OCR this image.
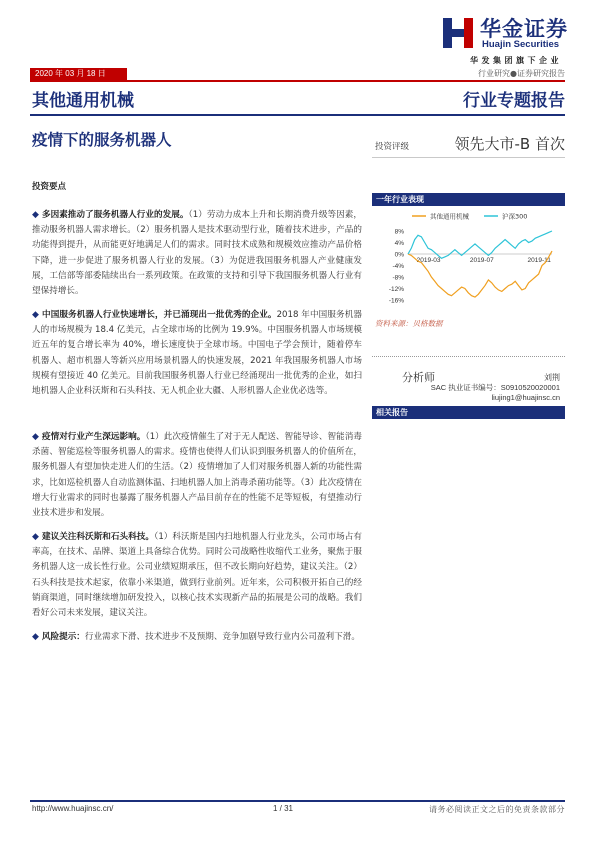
华金证券
Huajin Securities
华发集团旗下企业
2020 年 03 月 18 日	行业研究●证券研究报告
其他通用机械	行业专题报告
疫情下的服务机器人	投资评级	领先大市-B 首次
投资要点
◆ 多因素推动了服务机器人行业的发展。（1）劳动力成本上升和长期消费升级等因素，推动服务机器人需求增长。（2）服务机器人是技术驱动型行业，随着技术进步，产品的功能得到提升，从而能更好地满足人们的需求。同时技术成熟和规模效应推动产品价格下降，进一步促进了服务机器人行业的发展。（3）为促进我国服务机器人产业健康发展，工信部等部委陆续出台一系列政策。在政策的支持和引导下我国服务机器人行业有望保持增长。
◆ 中国服务机器人行业快速增长，并已涌现出一批优秀的企业。2018 年中国服务机器人的市场规模为 18.4 亿美元，占全球市场的比例为 19.9%。中国服务机器人市场规模近五年的复合增长率为 40%，增长速度快于全球市场。中国电子学会预计，随着停车机器人、超市机器人等新兴应用场景机器人的快速发展，2021 年我国服务机器人市场规模有望接近 40 亿美元。目前我国服务机器人行业已经涌现出一批优秀的企业，如扫地机器人企业科沃斯和石头科技、无人机企业大疆、人形机器人企业优必选等。
◆ 疫情对行业产生深远影响。（1）此次疫情催生了对于无人配送、智能导诊、智能消毒杀菌、智能巡检等服务机器人的需求。疫情也使得人们认识到服务机器人的价值所在，服务机器人有望加快走进人们的生活。（2）疫情增加了人们对服务机器人新的功能性需求，比如巡检机器人自动监测体温、扫地机器人加上消毒杀菌功能等。（3）此次疫情在增大行业需求的同时也暴露了服务机器人产品目前存在的性能不足等短板，有望推动行业技术进步和发展。
◆ 建议关注科沃斯和石头科技。（1）科沃斯是国内扫地机器人行业龙头，公司市场占有率高，在技术、品牌、渠道上具备综合优势。同时公司战略性收缩代工业务，聚焦于服务机器人这一成长性行业。公司业绩短期承压，但不改长期向好趋势，建议关注。（2）石头科技是技术起家，依靠小米渠道，做到行业前列。近年来，公司积极开拓自己的经销商渠道，同时继续增加研发投入，以核心技术实现新产品的拓展是公司的战略。我们看好公司未来发展，建议关注。
◆ 风险提示：行业需求下滑、技术进步不及预期、竞争加剧导致行业内公司盈利下滑。
一年行业表现
其他通用机械	沪深300
8%
4%
0%
-4%
-8%
-12%
-16%
2019-03	2019-07	2019-11
资料来源：贝格数据
分析师	刘荆
SAC 执业证书编号：S0910520020001
liujing1@huajinsc.cn
相关报告
http://www.huajinsc.cn/	1 / 31	请务必阅读正文之后的免责条款部分
